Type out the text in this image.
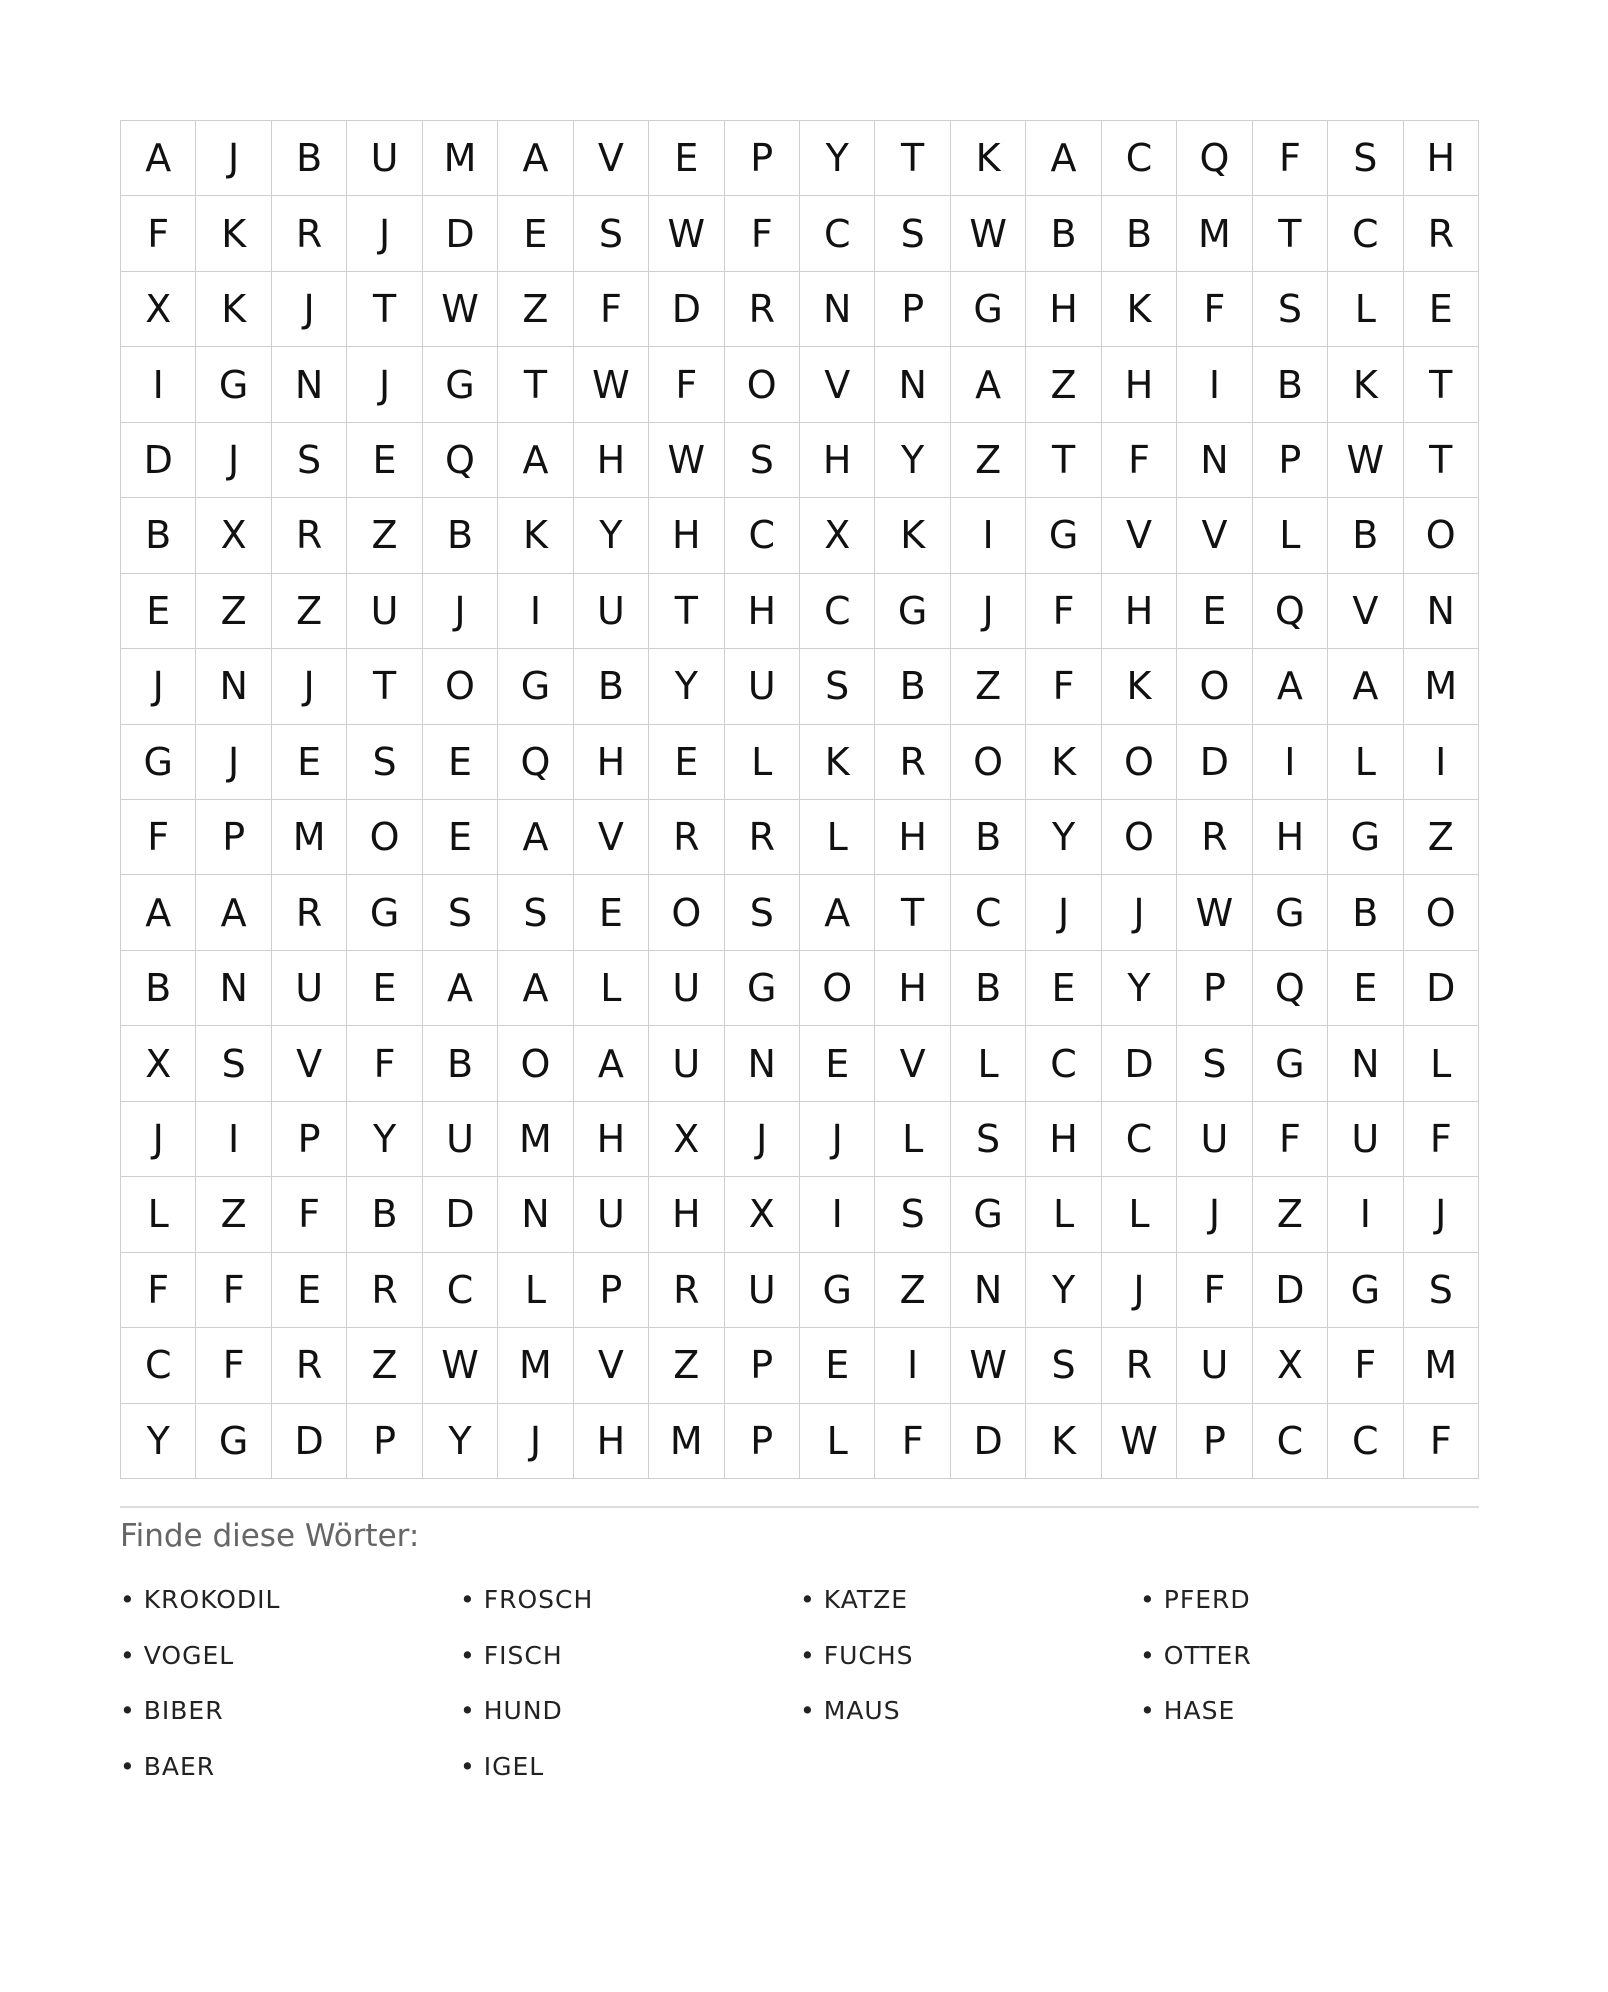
A	J	B	U	M	A	V	E	P	Y	T	K	A	C	Q	F	S	H
F	K	R	J	D	E	S	W	F	C	S	W	B	B	M	T	C	R
X	K	J	T	W	Z	F	D	R	N	P	G	H	K	F	S	L	E
I	G	N	J	G	T	W	F	O	V	N	A	Z	H	I	B	K	T
D	J	S	E	Q	A	H	W	S	H	Y	Z	T	F	N	P	W	T
B	X	R	Z	B	K	Y	H	C	X	K	I	G	V	V	L	B	O
E	Z	Z	U	J	I	U	T	H	C	G	J	F	H	E	Q	V	N
J	N	J	T	O	G	B	Y	U	S	B	Z	F	K	O	A	A	M
G	J	E	S	E	Q	H	E	L	K	R	O	K	O	D	I	L	I
F	P	M	O	E	A	V	R	R	L	H	B	Y	O	R	H	G	Z
A	A	R	G	S	S	E	O	S	A	T	C	J	J	W	G	B	O
B	N	U	E	A	A	L	U	G	O	H	B	E	Y	P	Q	E	D
X	S	V	F	B	O	A	U	N	E	V	L	C	D	S	G	N	L
J	I	P	Y	U	M	H	X	J	J	L	S	H	C	U	F	U	F
L	Z	F	B	D	N	U	H	X	I	S	G	L	L	J	Z	I	J
F	F	E	R	C	L	P	R	U	G	Z	N	Y	J	F	D	G	S
C	F	R	Z	W	M	V	Z	P	E	I	W	S	R	U	X	F	M
Y	G	D	P	Y	J	H	M	P	L	F	D	K	W	P	C	C	F
Finde diese Wörter:
• KROKODIL	• FROSCH	• KATZE	• PFERD
• VOGEL	• FISCH	• FUCHS	• OTTER
• BIBER	• HUND	• MAUS	• HASE
• BAER	• IGEL
